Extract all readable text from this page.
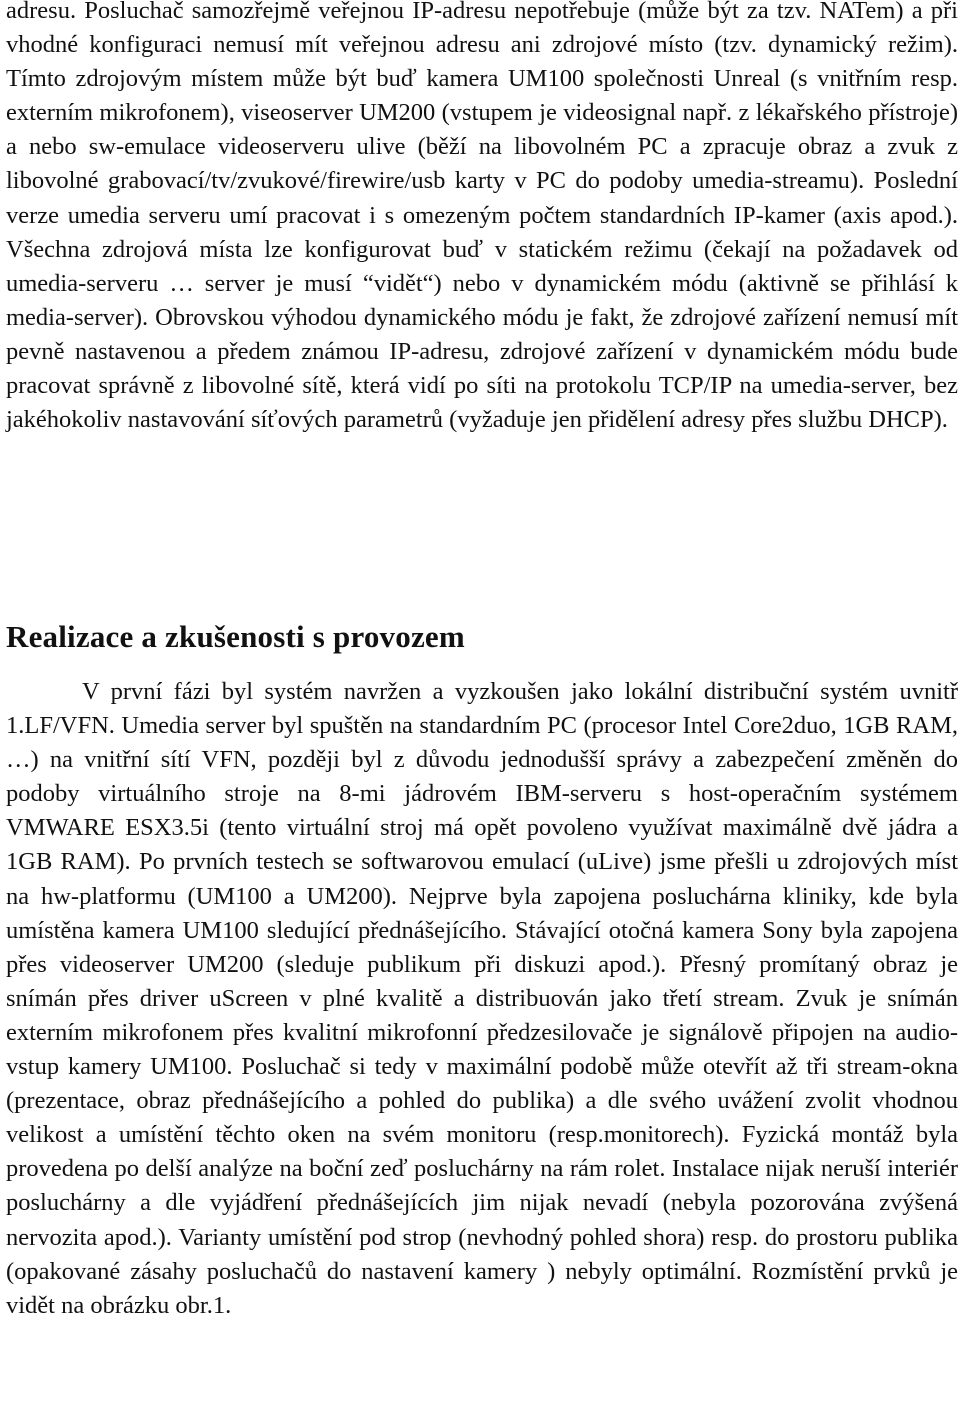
adresu. Posluchač samozřejmě veřejnou IP-adresu nepotřebuje (může být za tzv. NATem) a při vhodné konfiguraci nemusí mít veřejnou adresu ani zdrojové místo (tzv. dynamický režim). Tímto zdrojovým místem může být buď kamera UM100 společnosti Unreal (s vnitřním resp. externím mikrofonem), viseoserver UM200 (vstupem je videosignal např. z lékařského přístroje) a nebo sw-emulace videoserveru ulive (běží na libovolném PC a zpracuje obraz a zvuk z libovolné grabovací/tv/zvukové/firewire/usb karty v PC do podoby umedia-streamu). Poslední verze umedia serveru umí pracovat i s omezeným počtem standardních IP-kamer (axis apod.). Všechna zdrojová místa lze konfigurovat buď v statickém režimu (čekají na požadavek od umedia-serveru … server je musí “vidět“) nebo v dynamickém módu (aktivně se přihlásí k media-server). Obrovskou výhodou dynamického módu je fakt, že zdrojové zařízení nemusí mít pevně nastavenou a předem známou IP-adresu, zdrojové zařízení v dynamickém módu bude pracovat správně z libovolné sítě, která vidí po síti na protokolu TCP/IP na umedia-server, bez jakéhokoliv nastavování síťových parametrů (vyžaduje jen přidělení adresy přes službu DHCP).

Realizace a zkušenosti s provozem

V první fázi byl systém navržen a vyzkoušen jako lokální distribuční systém uvnitř 1.LF/VFN. Umedia server byl spuštěn na standardním PC (procesor Intel Core2duo, 1GB RAM, …) na vnitřní sítí VFN, později byl z důvodu jednodušší správy a zabezpečení změněn do podoby virtuálního stroje na 8-mi jádrovém IBM-serveru s host-operačním systémem VMWARE ESX3.5i (tento virtuální stroj má opět povoleno využívat maximálně dvě jádra a 1GB RAM). Po prvních testech se softwarovou emulací (uLive) jsme přešli u zdrojových míst na hw-platformu (UM100 a UM200). Nejprve byla zapojena posluchárna kliniky, kde byla umístěna kamera UM100 sledující přednášejícího. Stávající otočná kamera Sony byla zapojena přes videoserver UM200 (sleduje publikum při diskuzi apod.). Přesný promítaný obraz je snímán přes driver uScreen v plné kvalitě a distribuován jako třetí stream. Zvuk je snímán externím mikrofonem přes kvalitní mikrofonní předzesilovače je signálově připojen na audio-vstup kamery UM100. Posluchač si tedy v maximální podobě může otevřít až tři stream-okna (prezentace, obraz přednášejícího a pohled do publika) a dle svého uvážení zvolit vhodnou velikost a umístění těchto oken na svém monitoru (resp.monitorech). Fyzická montáž byla provedena po delší analýze na boční zeď posluchárny na rám rolet. Instalace nijak neruší interiér posluchárny a dle vyjádření přednášejících jim nijak nevadí (nebyla pozorována zvýšená nervozita apod.). Varianty umístění pod strop (nevhodný pohled shora) resp. do prostoru publika (opakované zásahy posluchačů do nastavení kamery ) nebyly optimální. Rozmístění prvků je vidět na obrázku obr.1.
